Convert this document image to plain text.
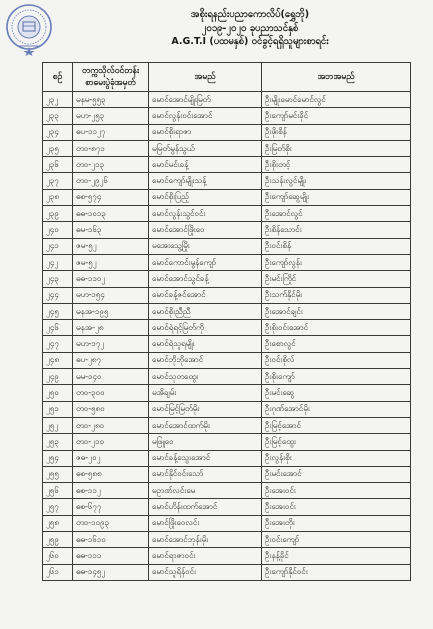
အစိုးရနည်းပညာကောလိပ်(ရွှေဘို)
၂၀၁၉-၂၀၂၀ ခုပညာသင်နှစ်
A.G.T.I (ပထမနှစ်) ဝင်ခွင့်ရရှိသူများစာရင်း
စဉ်	တက္ကသိုလ်ဝင်တန်း စာမေးပွဲခုံအမှတ်	အမည်	အဘအမည်
၂၃၂	မနမ-၅၅၃	မောင်အောင်မျိုးမြတ်	ဦးမျိုးမောင်မောင်လွင်
၂၃၃	မဟ-၂၅၃	မောင်လွန်းဝင်းအောင်	ဦးကျော်မင်းခိုင်
၂၃၄	ဓပ-၁၁၂၇	မောင်စိုးရာဇာ	ဦးဖိုးစိန်
၂၃၅	တဝ-၈၇၁	မမြတ်မွန်သွယ်	ဦးမြတ်စိုး
၂၃၆	တဝ-၂၁၃	မောင်မင်းခန့်	ဦးစိုးတင့်
၂၃၇	တဝ-၂၉၂၆	မောင်ကျော်မျိုးသန့်	ဦးသန်းလွင်မျိုး
၂၃၈	ဓစ-၅၇၄	မောင်စိုးပြည့်	ဦးကျော်ဆွေမျိုး
၂၃၉	ဓဓ-၁၀၁၃	မောင်လွန်းသွင်ဝင်း	ဦးအောင်လွင်
၂၄၀	ဓမ-၁၆၃	မောင်အောင်ဖြိုးဝေ	ဦးစိန်သောင်း
၂၄၁	ဇမ-၅၂	မအေးသွေ့မြိုး	ဦးဝင်းစိန်
၂၄၂	ဇမ-၅၂	မောင်ကောင်းမွန်ကျော်	ဦးကျော်လွန်း
၂၄၃	ဓဓ-၁၁၀၂	မောင်အောင်သွင်ခန့်	ဦးမင်းကြိုင်
၂၄၄	မဟ-၁၅၄	မောင်ခန့်ဇင်အောင်	ဦးသက်နိုင်မိုး
၂၄၅	မနအ-၁၉၅	မောင်စိုးညီညီ	ဦးအောင်ချင်း
၂၄၆	မနအ-၂၈	မောင်ရဲရင့်မြတ်ကို	ဦးစိုးဝင်းအောင်
၂၄၇	မဟ-၁၇၂	မောင်ရဲသူရမျိုး	ဦးစောလွင်
၂၄၈	ဓပ-၂၈၇	မောင်ဘိုဘိုအောင်	ဦးဝင်းစိုလ်
၂၄၉	မမ-၁၄၀	မောင်သုတထွေး	ဦးစိုးကျော်
၂၅၀	တဝ-၃၀၀	မအိချမ်း	ဦးမင်းဆွေ
၂၅၁	တဝ-၅၈၀	မောင်မြင့်မြတ်မိုး	ဦးဂုဏ်အောင်မိုး
၂၅၂	တဝ-၂၈၀	မောင်အောင်ထက်မိုး	ဦးမြင့်အောင်
၂၅၃	တဝ-၂၁၀	မဖြူဝေ	ဦးမြင့်ထွေး
၂၅၄	ဇဓ-၂၀၂	မောင်ခန့်သွေးအောင်	ဦးလွန်းစိုး
၂၅၅	ဓစ-၅၈၈	မောင်နိုင်ဝင်းသော်	ဦးမင်းအောင်
၂၅၆	ဓစ-၁၁၂	မဥာဏ်လင်းမေ	ဦးအေးဝင်း
၂၅၇	ဓစ-၆၇၇	မောင်ဟိန်းထက်အောင်	ဦးအေးဝင်း
၂၅၈	တဝ-၁၀၉၃	မောင်ဖြိုးဝေလင်း	ဦးအေးတိုး
၂၅၉	ဓဓ-၁၆၁၀	မောင်အောင်ဘုန်းမိုး	ဦးဝင်းကျော်
၂၆၀	ဓဓ-၁၁၁	မောင်ရာဇာဝင်း	ဦးနန့်ခိုင်
၂၆၁	ဓဓ-၁၄၅၂	မောင်သူရိန်ဝင်း	ဦးကျော်နိုင်ဝင်း
